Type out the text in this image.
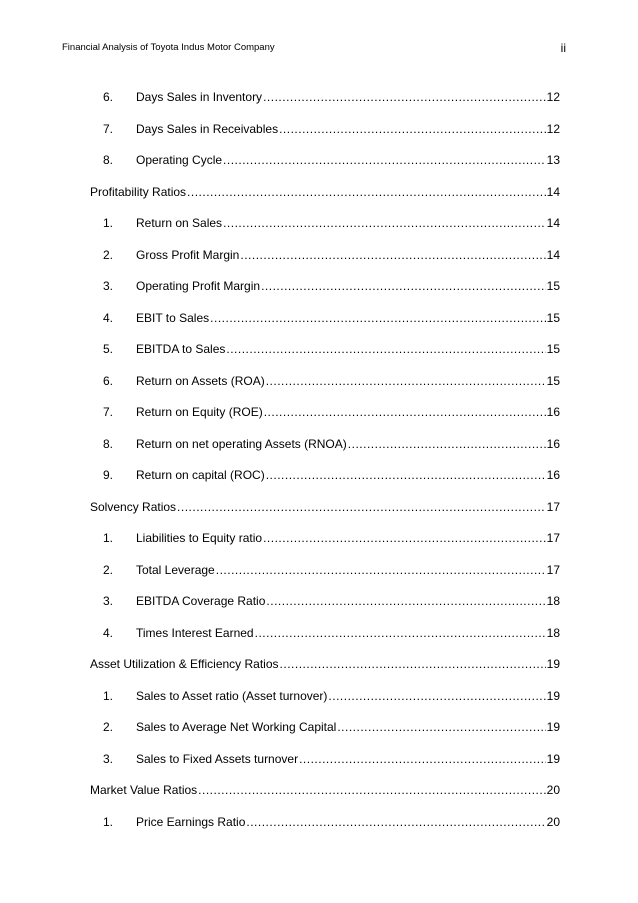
Financial Analysis of Toyota Indus Motor Company	ii
6. Days Sales in Inventory .....	12
7. Days Sales in Receivables .....	12
8. Operating Cycle .....	13
Profitability Ratios .....	14
1. Return on Sales .....	14
2. Gross Profit Margin .....	14
3. Operating Profit Margin .....	15
4. EBIT to Sales .....	15
5. EBITDA to Sales .....	15
6. Return on Assets (ROA) .....	15
7. Return on Equity (ROE) .....	16
8. Return on net operating Assets (RNOA) .....	16
9. Return on capital (ROC) .....	16
Solvency Ratios .....	17
1. Liabilities to Equity ratio .....	17
2. Total Leverage .....	17
3. EBITDA Coverage Ratio .....	18
4. Times Interest Earned .....	18
Asset Utilization & Efficiency Ratios .....	19
1. Sales to Asset ratio (Asset turnover) .....	19
2. Sales to Average Net Working Capital .....	19
3. Sales to Fixed Assets turnover .....	19
Market Value Ratios .....	20
1. Price Earnings Ratio .....	20
